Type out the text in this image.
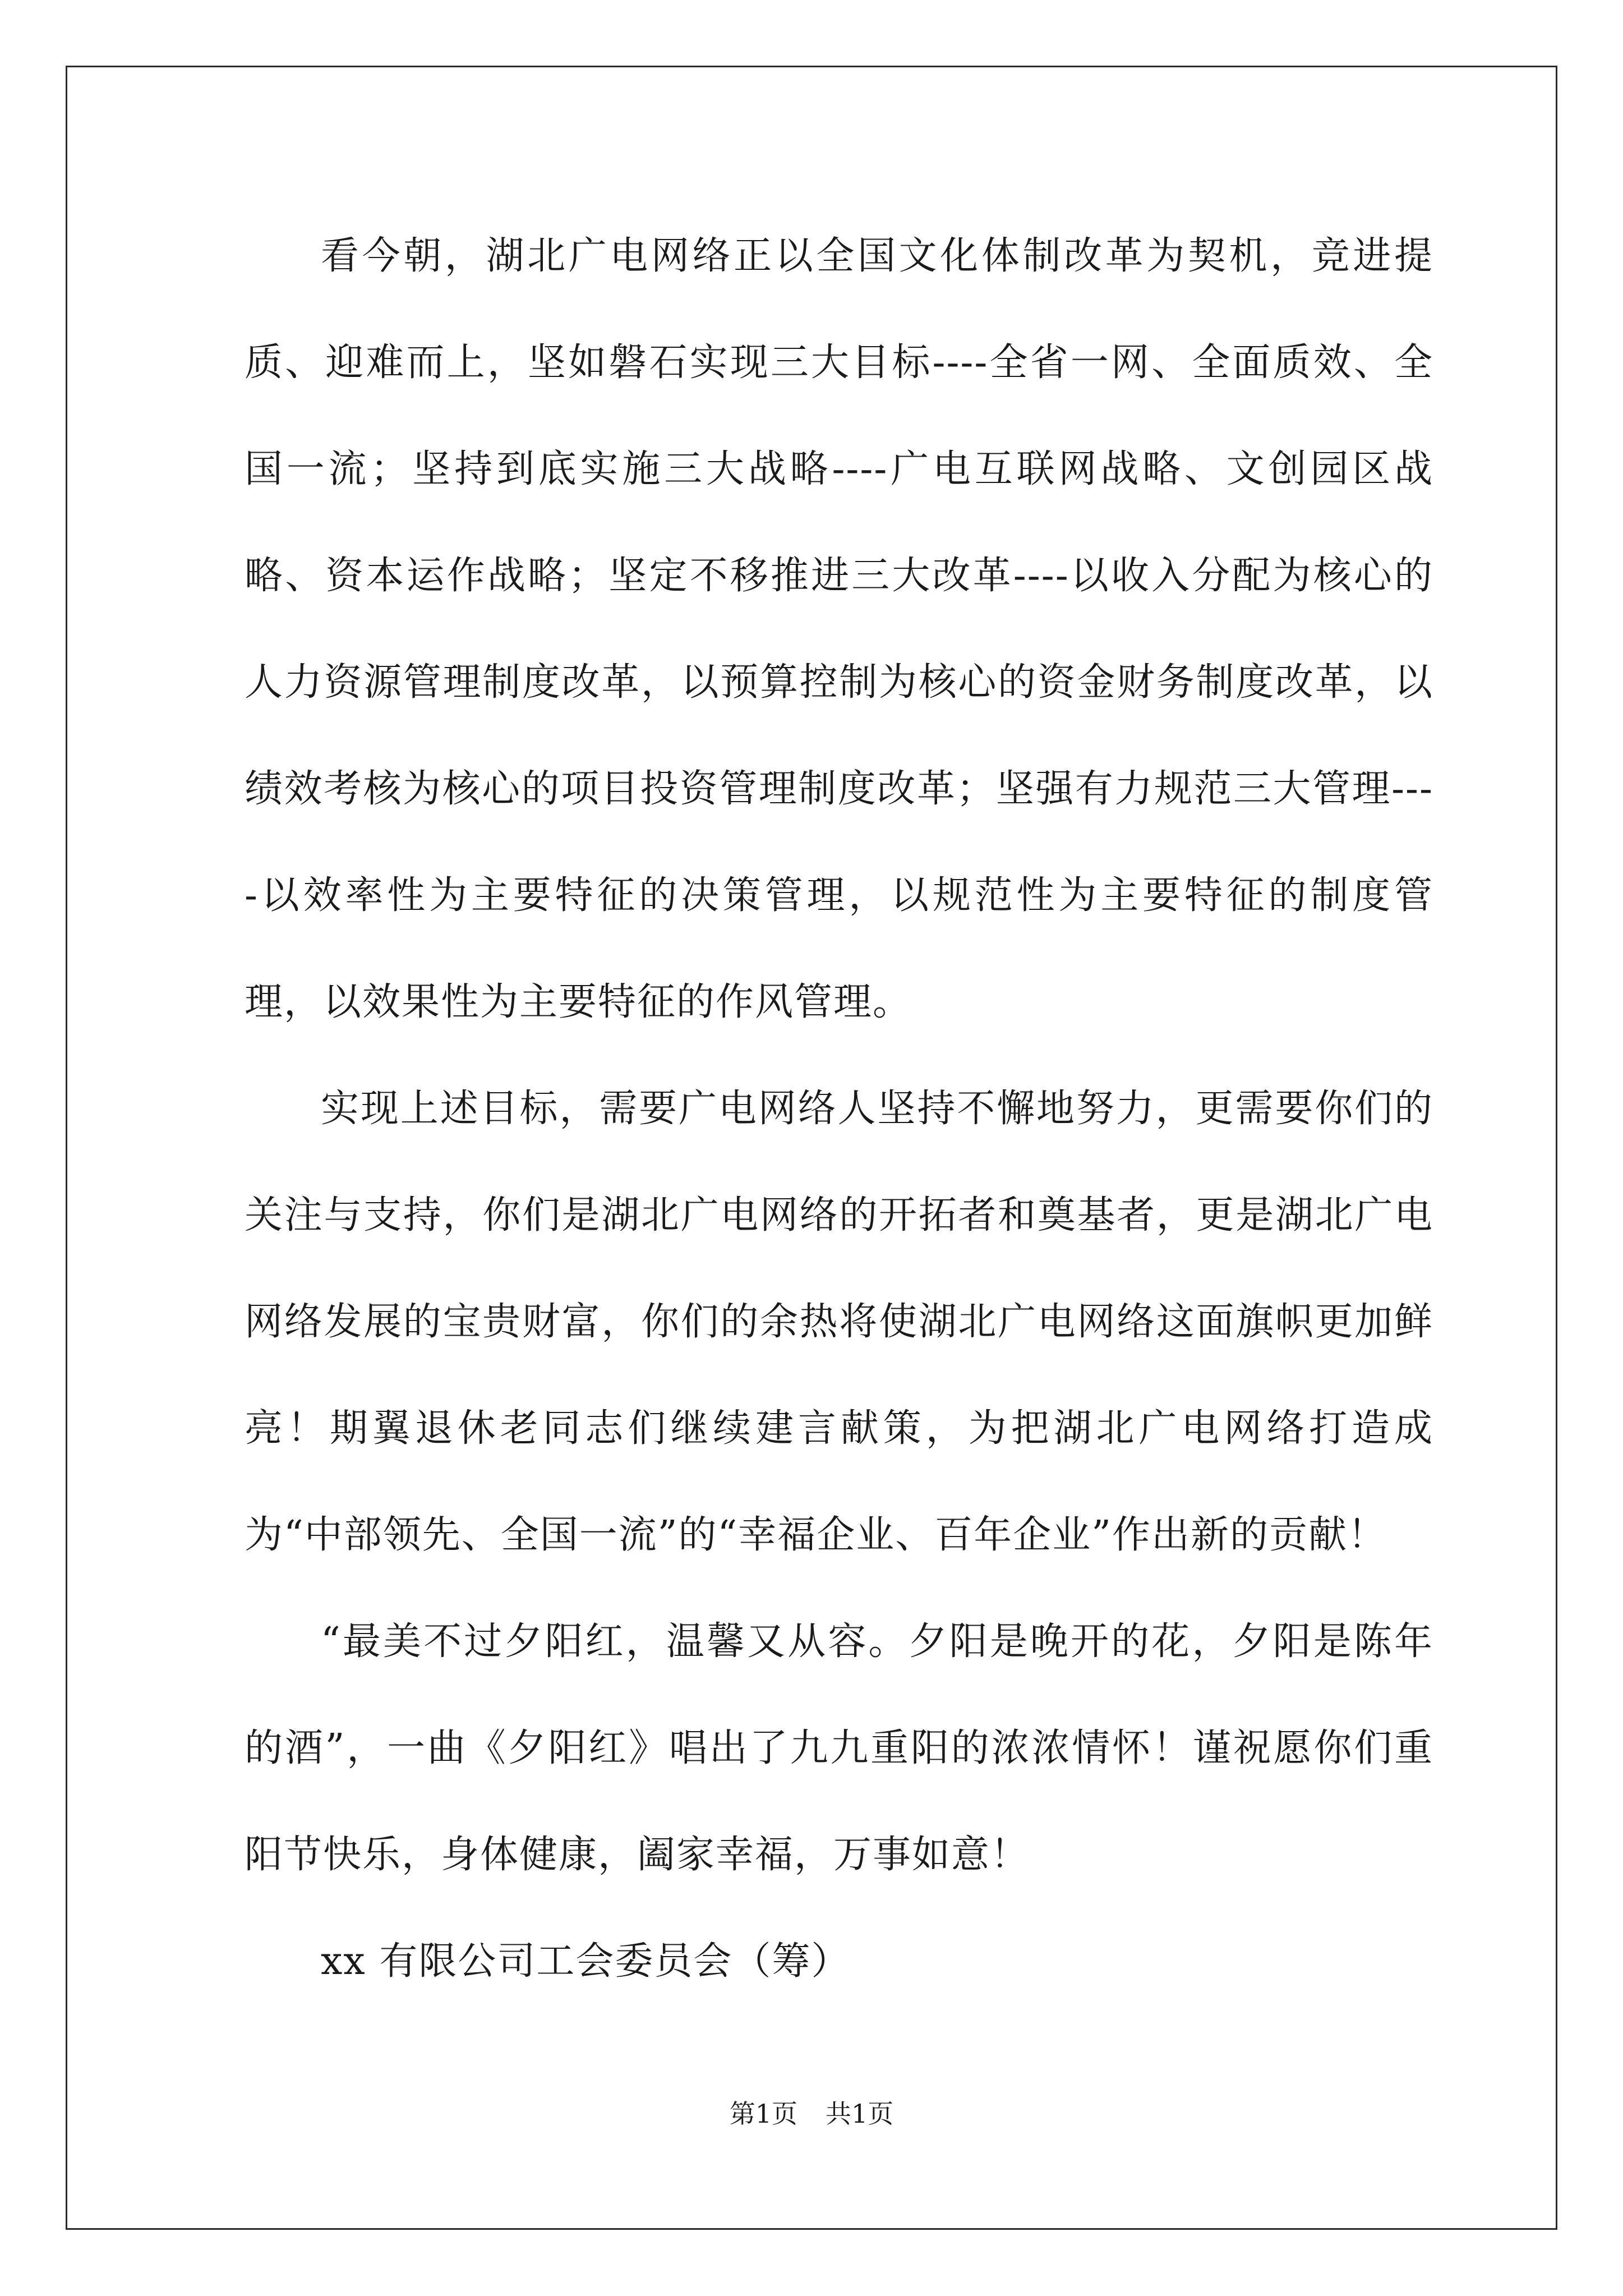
看今朝，湖北广电网络正以全国文化体制改革为契机，竞进提质、迎难而上，坚如磐石实现三大目标----全省一网、全面质效、全国一流；坚持到底实施三大战略----广电互联网战略、文创园区战略、资本运作战略；坚定不移推进三大改革----以收入分配为核心的人力资源管理制度改革，以预算控制为核心的资金财务制度改革，以绩效考核为核心的项目投资管理制度改革；坚强有力规范三大管理----以效率性为主要特征的决策管理，以规范性为主要特征的制度管理，以效果性为主要特征的作风管理。

实现上述目标，需要广电网络人坚持不懈地努力，更需要你们的关注与支持，你们是湖北广电网络的开拓者和奠基者，更是湖北广电网络发展的宝贵财富，你们的余热将使湖北广电网络这面旗帜更加鲜亮！期翼退休老同志们继续建言献策，为把湖北广电网络打造成为“中部领先、全国一流”的“幸福企业、百年企业”作出新的贡献！

“最美不过夕阳红，温馨又从容。夕阳是晚开的花，夕阳是陈年的酒”，一曲《夕阳红》唱出了九九重阳的浓浓情怀！谨祝愿你们重阳节快乐，身体健康，阖家幸福，万事如意！

xx 有限公司工会委员会（筹）

第1页 共1页
